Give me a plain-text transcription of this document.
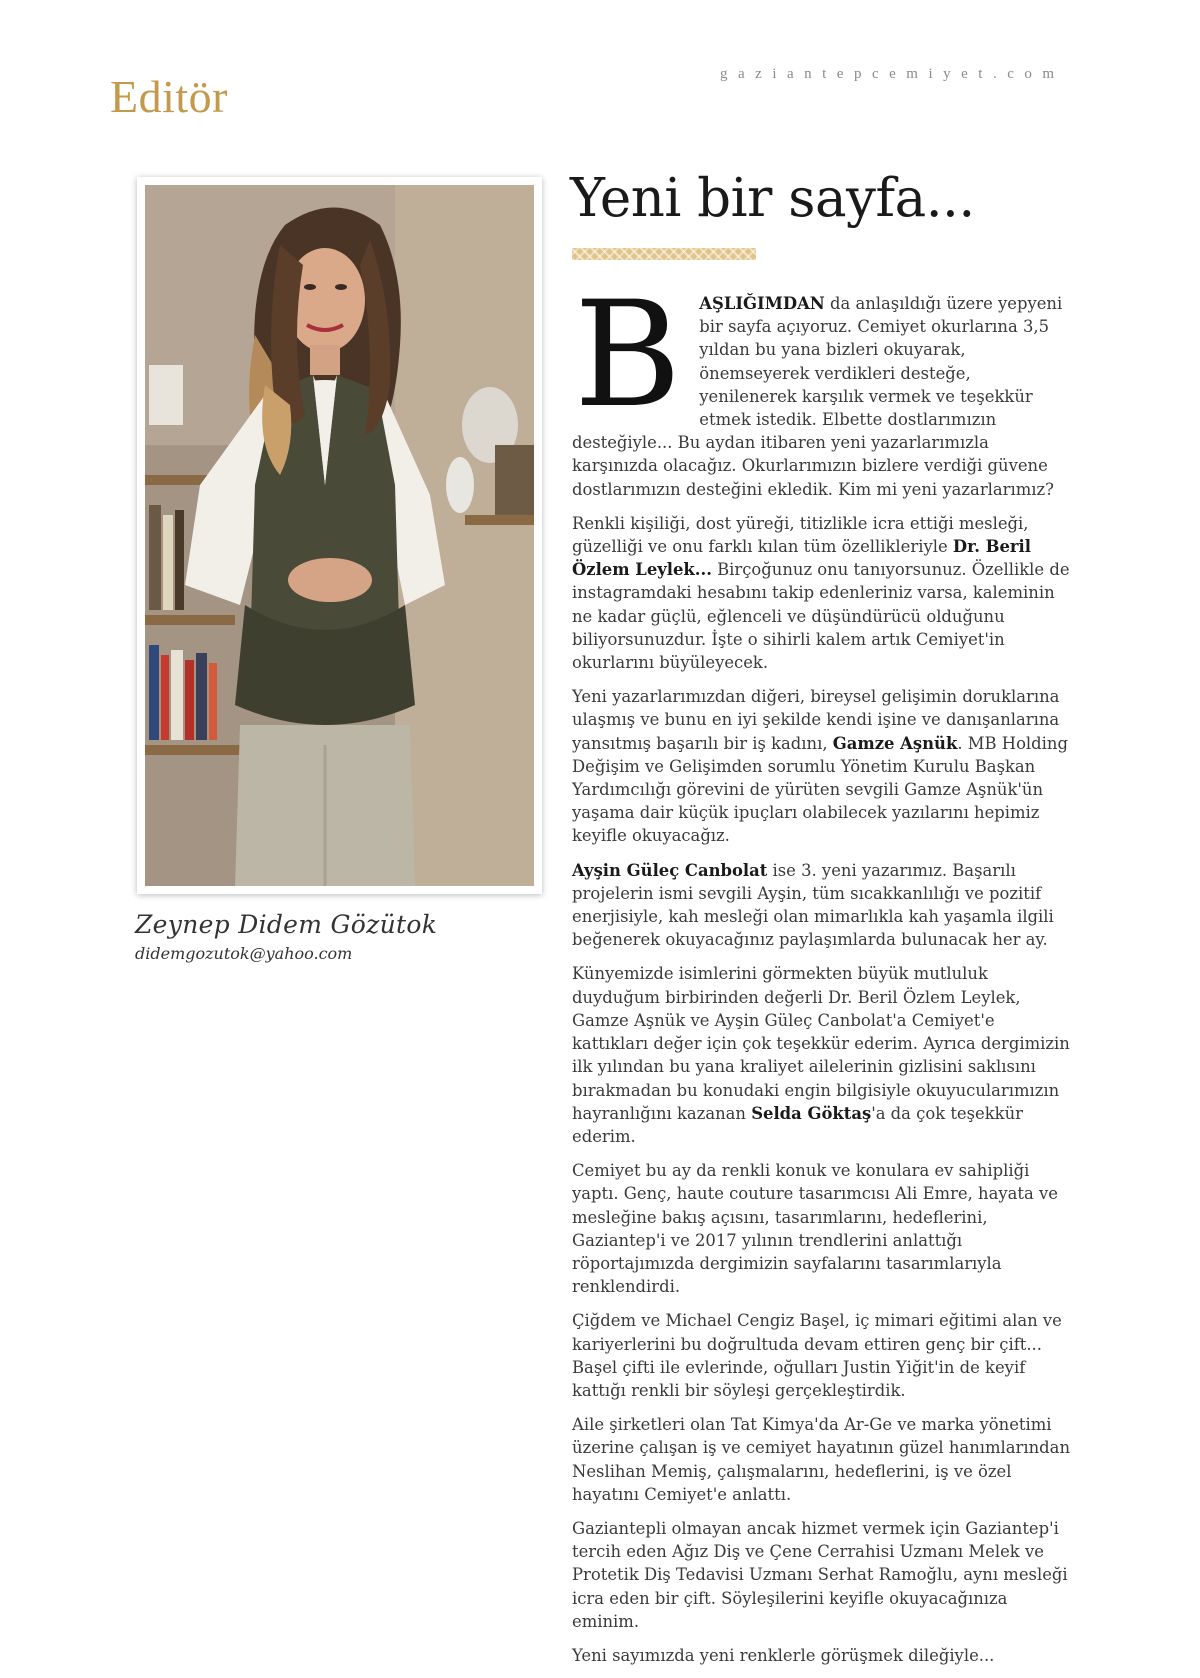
Editör	gaziantepcemiyet.com
Zeynep Didem Gözütok
didemgozutok@yahoo.com
Yeni bir sayfa...

B AŞLIĞIMDAN da anlaşıldığı üzere yepyeni bir sayfa açıyoruz. Cemiyet okurlarına 3,5 yıldan bu yana bizleri okuyarak, önemseyerek verdikleri desteğe, yenilenerek karşılık vermek ve teşekkür etmek istedik. Elbette dostlarımızın desteğiyle... Bu aydan itibaren yeni yazarlarımızla karşınızda olacağız. Okurlarımızın bizlere verdiği güvene dostlarımızın desteğini ekledik. Kim mi yeni yazarlarımız?

Renkli kişiliği, dost yüreği, titizlikle icra ettiği mesleği, güzelliği ve onu farklı kılan tüm özellikleriyle Dr. Beril Özlem Leylek... Birçoğunuz onu tanıyorsunuz. Özellikle de instagramdaki hesabını takip edenleriniz varsa, kaleminin ne kadar güçlü, eğlenceli ve düşündürücü olduğunu biliyorsunuzdur. İşte o sihirli kalem artık Cemiyet'in okurlarını büyüleyecek.

Yeni yazarlarımızdan diğeri, bireysel gelişimin doruklarına ulaşmış ve bunu en iyi şekilde kendi işine ve danışanlarına yansıtmış başarılı bir iş kadını, Gamze Aşnük. MB Holding Değişim ve Gelişimden sorumlu Yönetim Kurulu Başkan Yardımcılığı görevini de yürüten sevgili Gamze Aşnük'ün yaşama dair küçük ipuçları olabilecek yazılarını hepimiz keyifle okuyacağız.

Ayşin Güleç Canbolat ise 3. yeni yazarımız. Başarılı projelerin ismi sevgili Ayşin, tüm sıcakkanlılığı ve pozitif enerjisiyle, kah mesleği olan mimarlıkla kah yaşamla ilgili beğenerek okuyacağınız paylaşımlarda bulunacak her ay.

Künyemizde isimlerini görmekten büyük mutluluk duyduğum birbirinden değerli Dr. Beril Özlem Leylek, Gamze Aşnük ve Ayşin Güleç Canbolat'a Cemiyet'e kattıkları değer için çok teşekkür ederim. Ayrıca dergimizin ilk yılından bu yana kraliyet ailelerinin gizlisini saklısını bırakmadan bu konudaki engin bilgisiyle okuyucularımızın hayranlığını kazanan Selda Göktaş'a da çok teşekkür ederim.

Cemiyet bu ay da renkli konuk ve konulara ev sahipliği yaptı. Genç, haute couture tasarımcısı Ali Emre, hayata ve mesleğine bakış açısını, tasarımlarını, hedeflerini, Gaziantep'i ve 2017 yılının trendlerini anlattığı röportajımızda dergimizin sayfalarını tasarımlarıyla renklendirdi.

Çiğdem ve Michael Cengiz Başel, iç mimari eğitimi alan ve kariyerlerini bu doğrultuda devam ettiren genç bir çift...
Başel çifti ile evlerinde, oğulları Justin Yiğit'in de keyif kattığı renkli bir söyleşi gerçekleştirdik.

Aile şirketleri olan Tat Kimya'da Ar-Ge ve marka yönetimi üzerine çalışan iş ve cemiyet hayatının güzel hanımlarından Neslihan Memiş, çalışmalarını, hedeflerini, iş ve özel hayatını Cemiyet'e anlattı.

Gaziantepli olmayan ancak hizmet vermek için Gaziantep'i tercih eden Ağız Diş ve Çene Cerrahisi Uzmanı Melek ve Protetik Diş Tedavisi Uzmanı Serhat Ramoğlu, aynı mesleği icra eden bir çift. Söyleşilerini keyifle okuyacağınıza eminim.

Yeni sayımızda yeni renklerle görüşmek dileğiyle...
